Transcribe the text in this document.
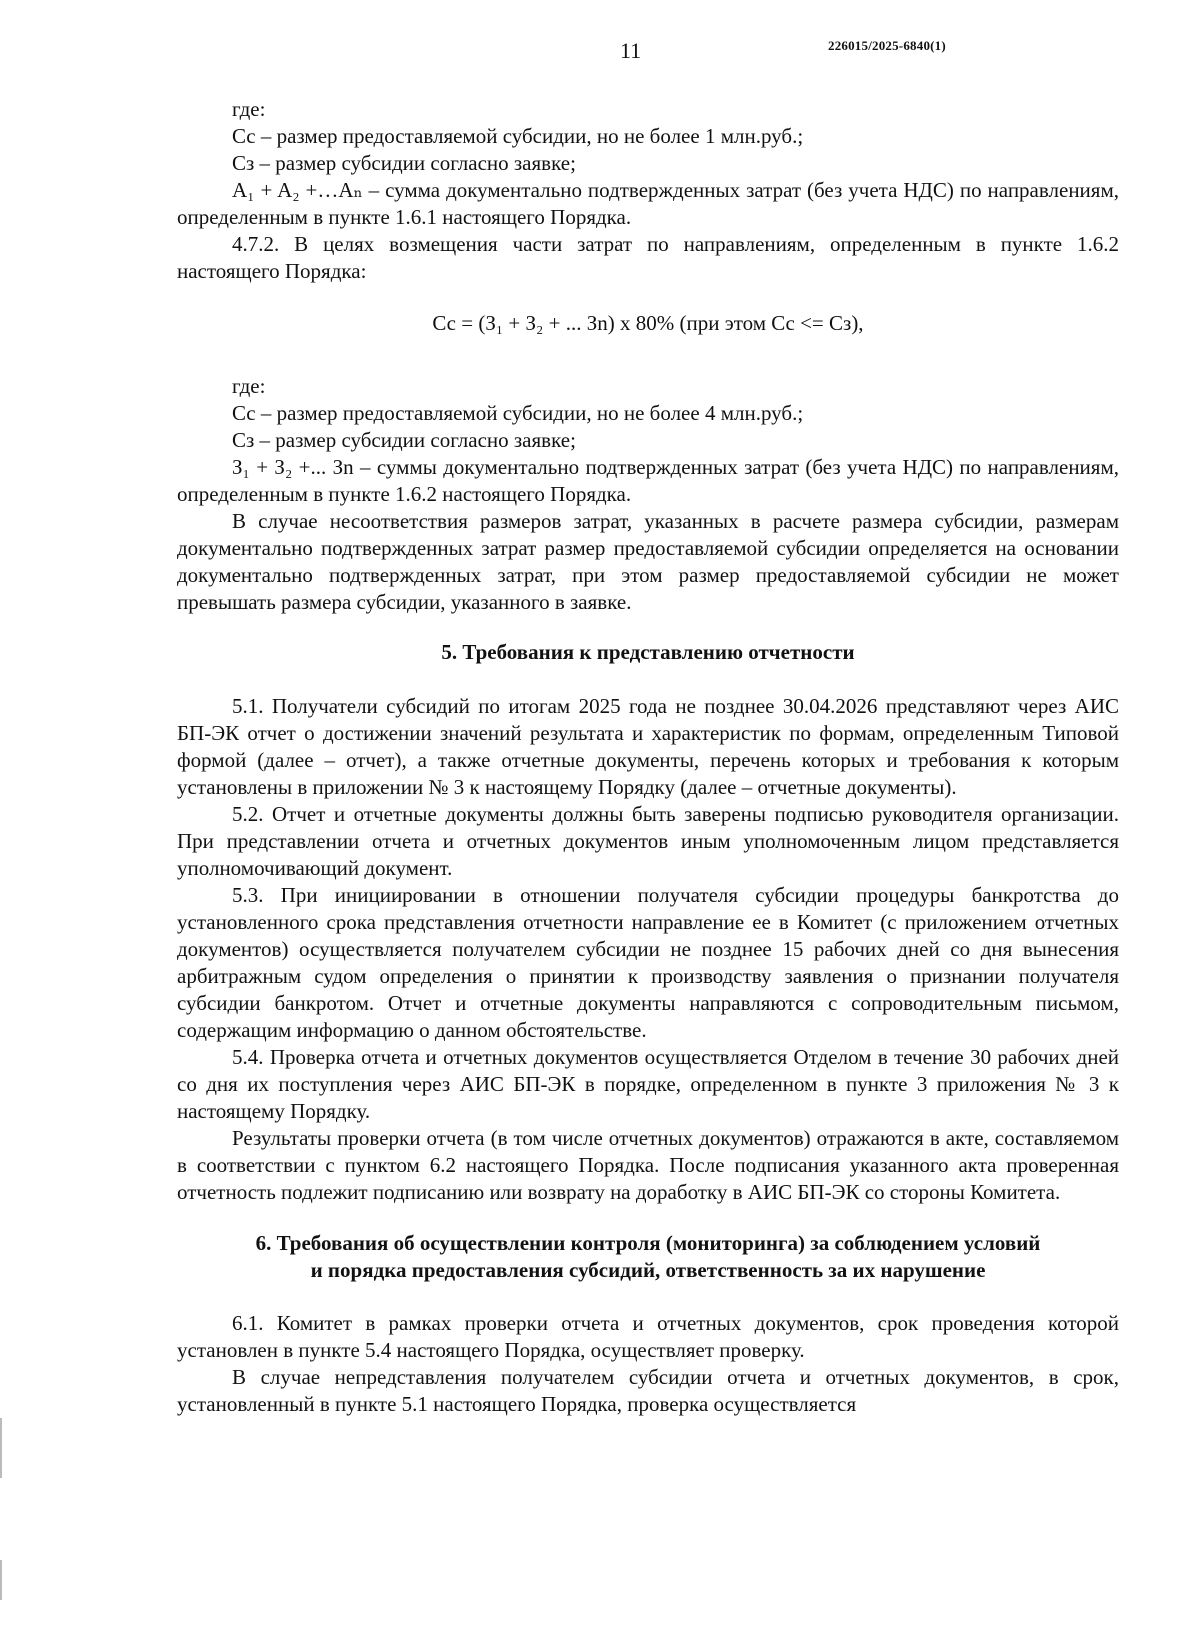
11	226015/2025-6840(1)

где:

Сс – размер предоставляемой субсидии, но не более 1 млн.руб.;

Сз – размер субсидии согласно заявке;

A₁ + A₂ +…Aₙ – сумма документально подтвержденных затрат (без учета НДС) по направлениям, определенным в пункте 1.6.1 настоящего Порядка.

4.7.2. В целях возмещения части затрат по направлениям, определенным в пункте 1.6.2 настоящего Порядка:

Сс = (З₁ + З₂ + ... Зn) х 80% (при этом Сс <= Сз),

где:

Сс – размер предоставляемой субсидии, но не более 4 млн.руб.;

Сз – размер субсидии согласно заявке;

З₁ + З₂ +... Зn – суммы документально подтвержденных затрат (без учета НДС) по направлениям, определенным в пункте 1.6.2 настоящего Порядка.

В случае несоответствия размеров затрат, указанных в расчете размера субсидии, размерам документально подтвержденных затрат размер предоставляемой субсидии определяется на основании документально подтвержденных затрат, при этом размер предоставляемой субсидии не может превышать размера субсидии, указанного в заявке.

5. Требования к представлению отчетности

5.1. Получатели субсидий по итогам 2025 года не позднее 30.04.2026 представляют через АИС БП-ЭК отчет о достижении значений результата и характеристик по формам, определенным Типовой формой (далее – отчет), а также отчетные документы, перечень которых и требования к которым установлены в приложении № 3 к настоящему Порядку (далее – отчетные документы).

5.2. Отчет и отчетные документы должны быть заверены подписью руководителя организации. При представлении отчета и отчетных документов иным уполномоченным лицом представляется уполномочивающий документ.

5.3. При инициировании в отношении получателя субсидии процедуры банкротства до установленного срока представления отчетности направление ее в Комитет (с приложением отчетных документов) осуществляется получателем субсидии не позднее 15 рабочих дней со дня вынесения арбитражным судом определения о принятии к производству заявления о признании получателя субсидии банкротом. Отчет и отчетные документы направляются с сопроводительным письмом, содержащим информацию о данном обстоятельстве.

5.4. Проверка отчета и отчетных документов осуществляется Отделом в течение 30 рабочих дней со дня их поступления через АИС БП-ЭК в порядке, определенном в пункте 3 приложения № 3 к настоящему Порядку.

Результаты проверки отчета (в том числе отчетных документов) отражаются в акте, составляемом в соответствии с пунктом 6.2 настоящего Порядка. После подписания указанного акта проверенная отчетность подлежит подписанию или возврату на доработку в АИС БП-ЭК со стороны Комитета.

6. Требования об осуществлении контроля (мониторинга) за соблюдением условий
и порядка предоставления субсидий, ответственность за их нарушение

6.1. Комитет в рамках проверки отчета и отчетных документов, срок проведения которой установлен в пункте 5.4 настоящего Порядка, осуществляет проверку.

В случае непредставления получателем субсидии отчета и отчетных документов, в срок, установленный в пункте 5.1 настоящего Порядка, проверка осуществляется
